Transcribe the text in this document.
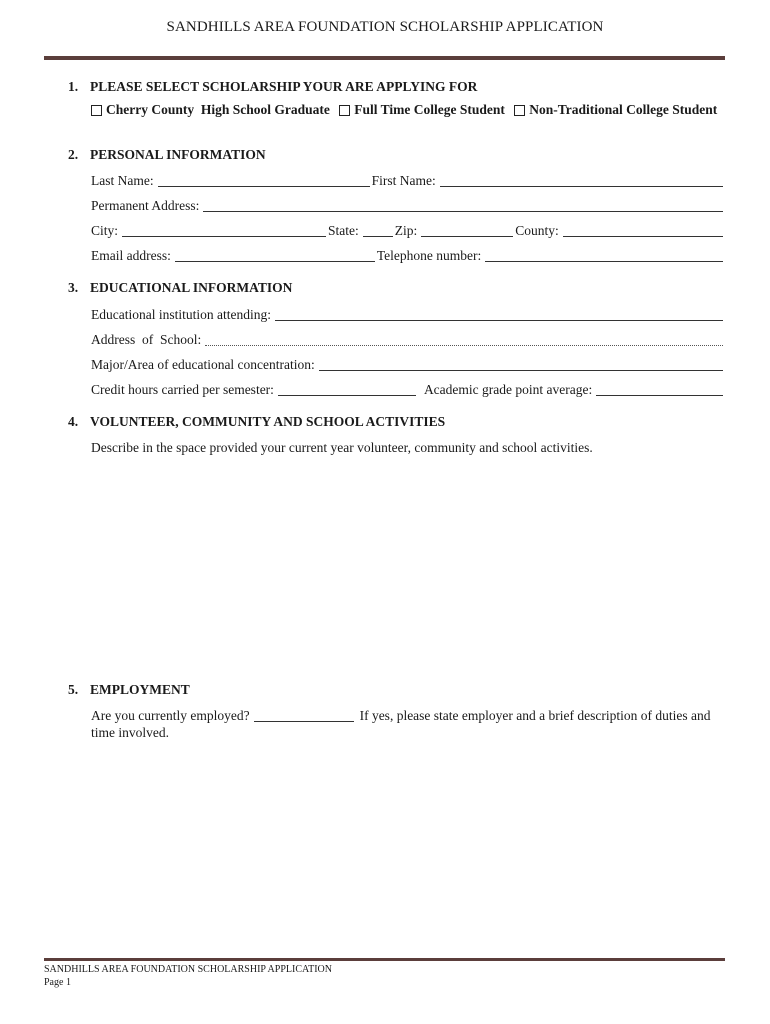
SANDHILLS AREA FOUNDATION SCHOLARSHIP APPLICATION
1. PLEASE SELECT SCHOLARSHIP YOUR ARE APPLYING FOR
Cherry County  High School Graduate
Full Time College Student
Non-Traditional College Student
2. PERSONAL INFORMATION
Last Name:	First Name:
Permanent Address:
City:	State:	Zip:	County:
Email address:	Telephone number:
3. EDUCATIONAL INFORMATION
Educational institution attending:
Address  of  School:
Major/Area of educational concentration:
Credit hours carried per semester:	Academic grade point average:
4. VOLUNTEER, COMMUNITY AND SCHOOL ACTIVITIES
Describe in the space provided your current year volunteer, community and school activities.
5. EMPLOYMENT
Are you currently employed?	If yes, please state employer and a brief description of duties and
time involved.
SANDHILLS AREA FOUNDATION SCHOLARSHIP APPLICATION
Page 1
